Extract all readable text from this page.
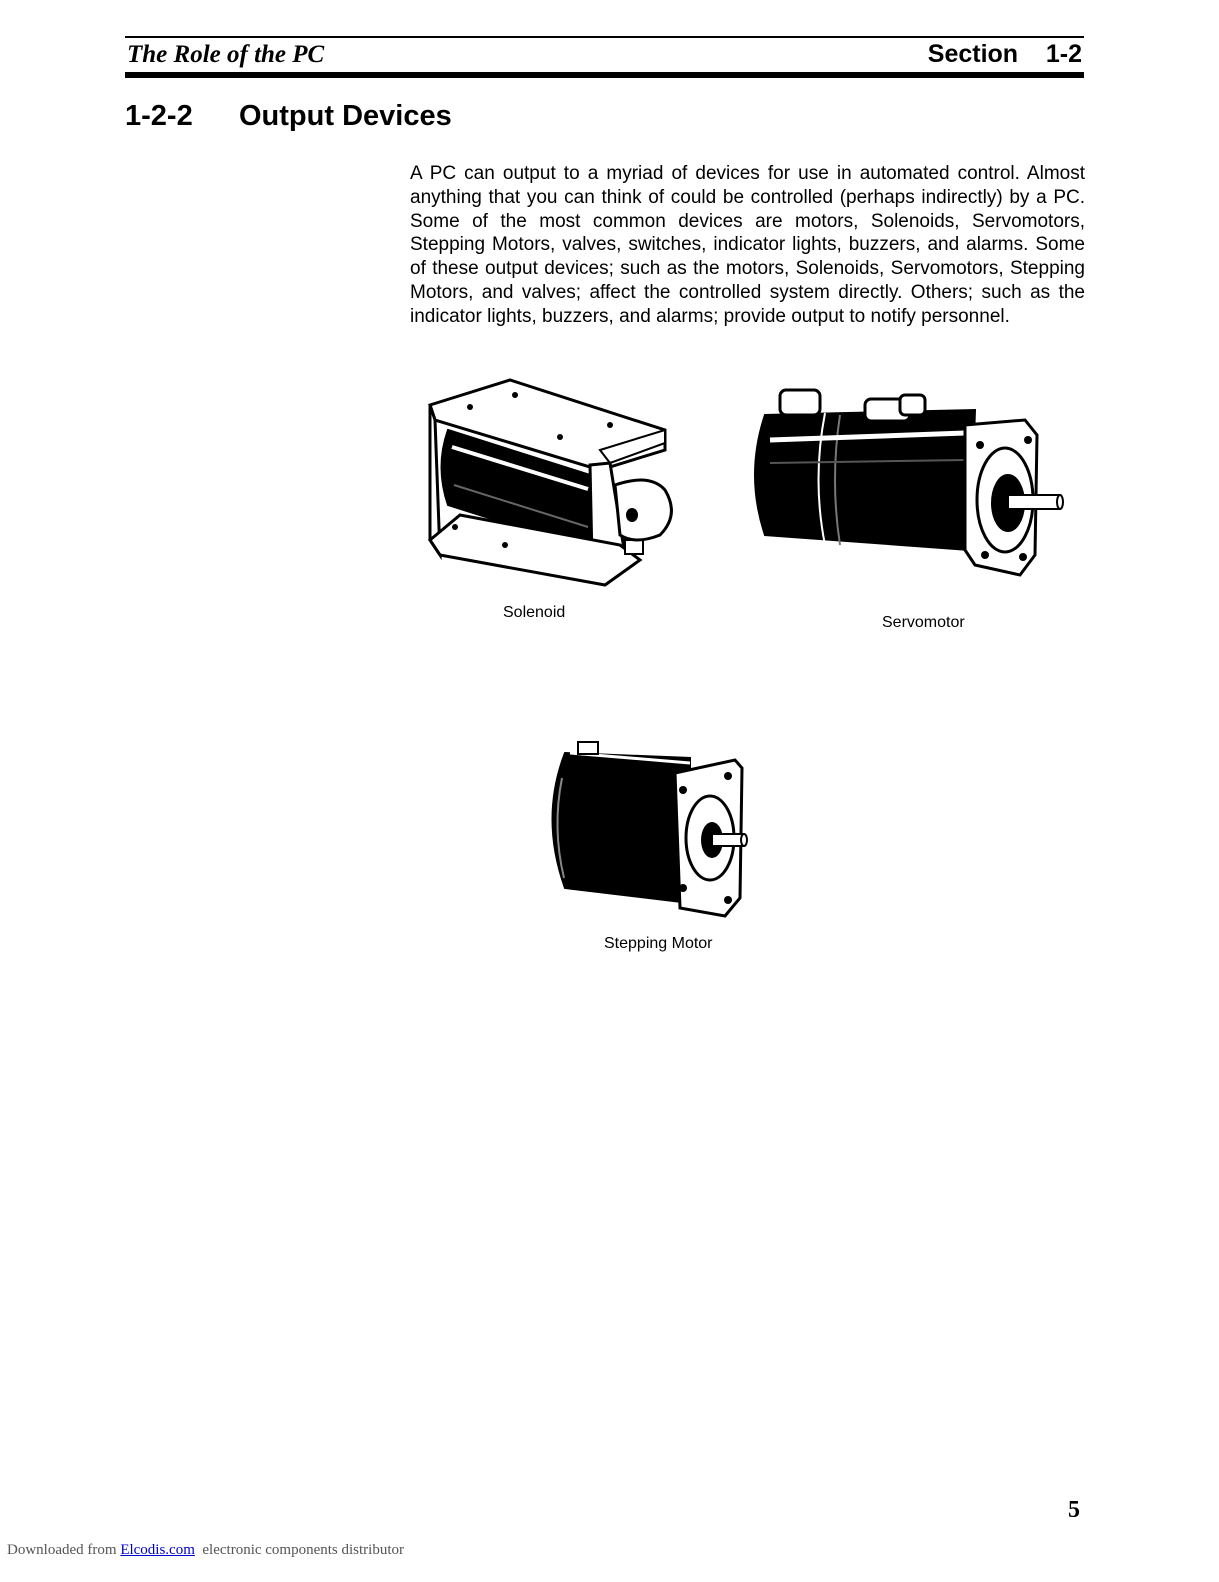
The Role of the PC	Section 1-2
1-2-2 Output Devices

A PC can output to a myriad of devices for use in automated control. Almost anything that you can think of could be controlled (perhaps indirectly) by a PC. Some of the most common devices are motors, Solenoids, Servomotors, Stepping Motors, valves, switches, indicator lights, buzzers, and alarms. Some of these output devices; such as the motors, Solenoids, Servomotors, Stepping Motors, and valves; affect the controlled system directly. Others; such as the indicator lights, buzzers, and alarms; provide output to notify personnel.

Solenoid
Servomotor
Stepping Motor
5
Downloaded from Elcodis.com  electronic components distributor
